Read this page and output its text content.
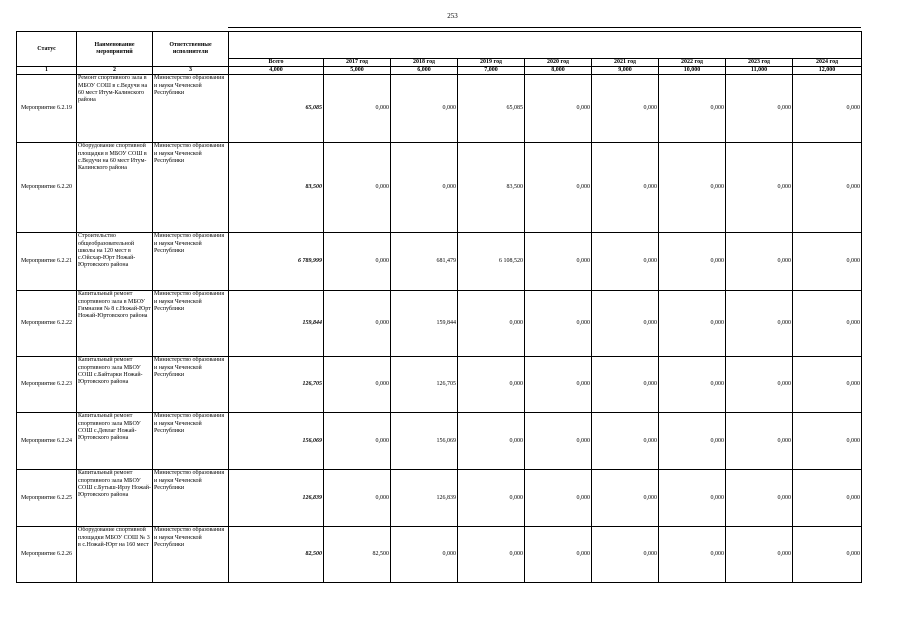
253
Статус	Наименование мероприятий	Ответственные исполнители									
			Всего	2017 год	2018 год	2019 год	2020 год	2021 год	2022 год	2023 год	2024 год
1	2	3	4,000	5,000	6,000	7,000	8,000	9,000	10,000	11,000	12,000
Мероприятие 6.2.19	Ремонт спортивного зала в МБОУ СОШ в с.Ведучи на 60 мест Итум-Калинского района	Министерство образования и науки Чеченской Республики	65,085	0,000	0,000	65,085	0,000	0,000	0,000	0,000	0,000
Мероприятие 6.2.20	Оборудование спортивной площадки в МБОУ СОШ в с.Ведучи на 60 мест Итум-Калинского района	Министерство образования и науки Чеченской Республики	83,500	0,000	0,000	83,500	0,000	0,000	0,000	0,000	0,000
Мероприятие 6.2.21	Строительство общеобразовательной школы на 120 мест в с.Ойсхар-Юрт Ножай-Юртовского района	Министерство образования и науки Чеченской Республики	6 789,999	0,000	681,479	6 108,520	0,000	0,000	0,000	0,000	0,000
Мероприятие 6.2.22	Капитальный ремонт спортивного зала в МБОУ Гимназия № 8 с.Ножай-Юрт Ножай-Юртовского района	Министерство образования и науки Чеченской Республики	159,844	0,000	159,844	0,000	0,000	0,000	0,000	0,000	0,000
Мероприятие 6.2.23	Капитальный ремонт спортивного зала МБОУ СОШ с.Байтарки Ножай-Юртовского района	Министерство образования и науки Чеченской Республики	126,705	0,000	126,705	0,000	0,000	0,000	0,000	0,000	0,000
Мероприятие 6.2.24	Капитальный ремонт спортивного зала МБОУ СОШ с.Девлаг Ножай-Юртовского района	Министерство образования и науки Чеченской Республики	156,069	0,000	156,069	0,000	0,000	0,000	0,000	0,000	0,000
Мероприятие 6.2.25	Капитальный ремонт спортивного зала МБОУ СОШ с.Бутыш-Ирзу Ножай-Юртовского района	Министерство образования и науки Чеченской Республики	126,839	0,000	126,839	0,000	0,000	0,000	0,000	0,000	0,000
Мероприятие 6.2.26	Оборудование спортивной площадки МБОУ СОШ № 3 в с.Ножай-Юрт на 160 мест	Министерство образования и науки Чеченской Республики	82,500	82,500	0,000	0,000	0,000	0,000	0,000	0,000	0,000
